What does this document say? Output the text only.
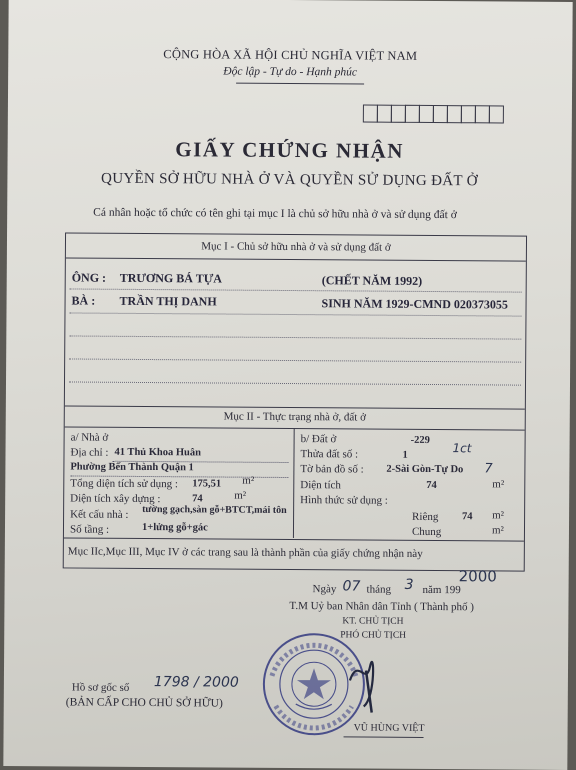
CỘNG HÒA XÃ HỘI CHỦ NGHĨA VIỆT NAM
Độc lập - Tự do - Hạnh phúc
GIẤY CHỨNG NHẬN
QUYỀN SỞ HỮU NHÀ Ở VÀ QUYỀN SỬ DỤNG ĐẤT Ở
Cá nhân hoặc tổ chức có tên ghi tại mục I là chủ sở hữu nhà ở và sử dụng đất ở
Mục I - Chủ sở hữu nhà ở và sử dụng đất ở
ÔNG : TRƯƠNG BÁ TỰA	(CHẾT NĂM 1992)
BÀ : TRẦN THỊ DANH	SINH NĂM 1929-CMND 020373055
Mục II - Thực trạng nhà ở, đất ở
a/ Nhà ở
Địa chỉ : 41 Thủ Khoa Huân
Phường Bến Thành Quận 1
Tổng diện tích sử dụng : 175,51 m²
Diện tích xây dựng :	74	m²
Kết cấu nhà : tường gạch,sàn gỗ+BTCT,mái tôn
Số tầng :	1+lửng gỗ+gác
b/ Đất ở	-229
Thửa đất số :	1
1ct
Tờ bản đồ số : 2-Sài Gòn-Tự Do 7
Diện tích	74	m²
Hình thức sử dụng :
Riêng 74 m²
Chung	m²
Mục IIc,Mục III, Mục IV ở các trang sau là thành phần của giấy chứng nhận này
2000
Ngày 07 tháng 3 năm 199
T.M Uỷ ban Nhân dân Tỉnh ( Thành phố )
KT. CHỦ TỊCH
PHÓ CHỦ TỊCH
VŨ HÙNG VIỆT
Hồ sơ gốc số 1798 / 2000
(BẢN CẤP CHO CHỦ SỞ HỮU)
